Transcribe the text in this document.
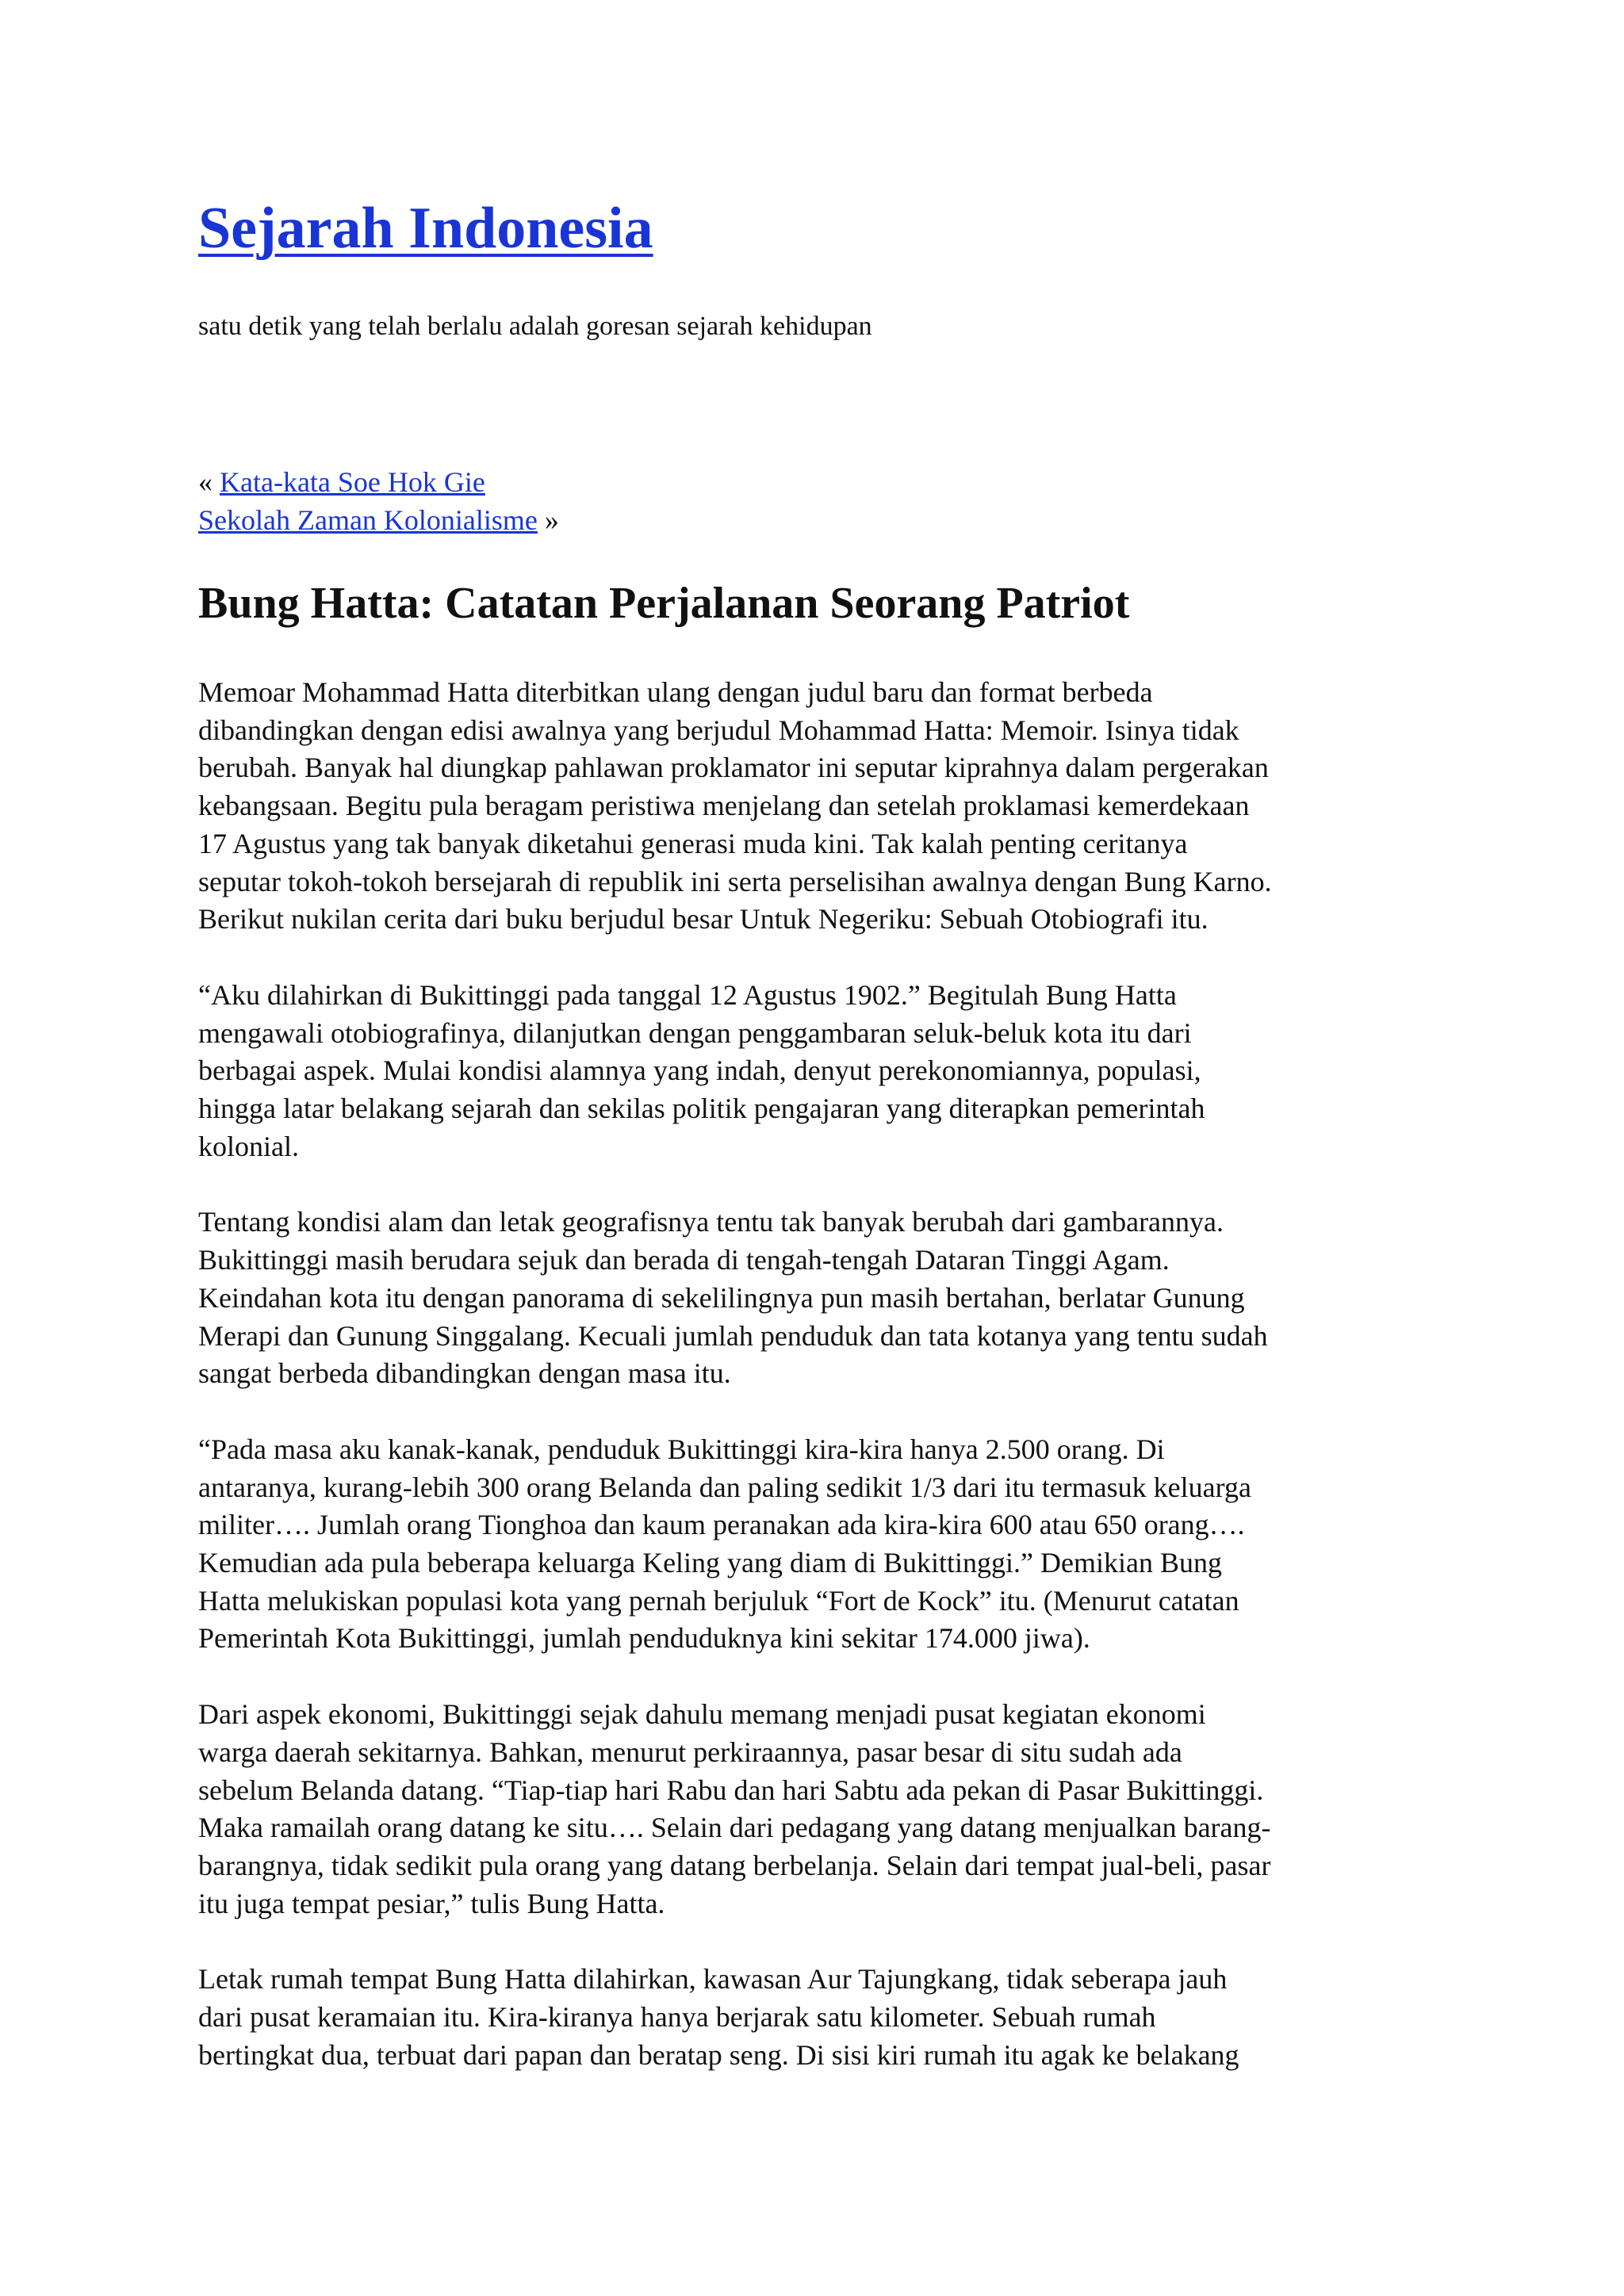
Sejarah Indonesia

satu detik yang telah berlalu adalah goresan sejarah kehidupan

« Kata-kata Soe Hok Gie
Sekolah Zaman Kolonialisme »
Bung Hatta: Catatan Perjalanan Seorang Patriot

Memoar Mohammad Hatta diterbitkan ulang dengan judul baru dan format berbeda
dibandingkan dengan edisi awalnya yang berjudul Mohammad Hatta: Memoir. Isinya tidak
berubah. Banyak hal diungkap pahlawan proklamator ini seputar kiprahnya dalam pergerakan
kebangsaan. Begitu pula beragam peristiwa menjelang dan setelah proklamasi kemerdekaan
17 Agustus yang tak banyak diketahui generasi muda kini. Tak kalah penting ceritanya
seputar tokoh-tokoh bersejarah di republik ini serta perselisihan awalnya dengan Bung Karno.
Berikut nukilan cerita dari buku berjudul besar Untuk Negeriku: Sebuah Otobiografi itu.

“Aku dilahirkan di Bukittinggi pada tanggal 12 Agustus 1902.” Begitulah Bung Hatta
mengawali otobiografinya, dilanjutkan dengan penggambaran seluk-beluk kota itu dari
berbagai aspek. Mulai kondisi alamnya yang indah, denyut perekonomiannya, populasi,
hingga latar belakang sejarah dan sekilas politik pengajaran yang diterapkan pemerintah
kolonial.

Tentang kondisi alam dan letak geografisnya tentu tak banyak berubah dari gambarannya.
Bukittinggi masih berudara sejuk dan berada di tengah-tengah Dataran Tinggi Agam.
Keindahan kota itu dengan panorama di sekelilingnya pun masih bertahan, berlatar Gunung
Merapi dan Gunung Singgalang. Kecuali jumlah penduduk dan tata kotanya yang tentu sudah
sangat berbeda dibandingkan dengan masa itu.

“Pada masa aku kanak-kanak, penduduk Bukittinggi kira-kira hanya 2.500 orang. Di
antaranya, kurang-lebih 300 orang Belanda dan paling sedikit 1/3 dari itu termasuk keluarga
militer…. Jumlah orang Tionghoa dan kaum peranakan ada kira-kira 600 atau 650 orang….
Kemudian ada pula beberapa keluarga Keling yang diam di Bukittinggi.” Demikian Bung
Hatta melukiskan populasi kota yang pernah berjuluk “Fort de Kock” itu. (Menurut catatan
Pemerintah Kota Bukittinggi, jumlah penduduknya kini sekitar 174.000 jiwa).

Dari aspek ekonomi, Bukittinggi sejak dahulu memang menjadi pusat kegiatan ekonomi
warga daerah sekitarnya. Bahkan, menurut perkiraannya, pasar besar di situ sudah ada
sebelum Belanda datang. “Tiap-tiap hari Rabu dan hari Sabtu ada pekan di Pasar Bukittinggi.
Maka ramailah orang datang ke situ…. Selain dari pedagang yang datang menjualkan barang-
barangnya, tidak sedikit pula orang yang datang berbelanja. Selain dari tempat jual-beli, pasar
itu juga tempat pesiar,” tulis Bung Hatta.

Letak rumah tempat Bung Hatta dilahirkan, kawasan Aur Tajungkang, tidak seberapa jauh
dari pusat keramaian itu. Kira-kiranya hanya berjarak satu kilometer. Sebuah rumah
bertingkat dua, terbuat dari papan dan beratap seng. Di sisi kiri rumah itu agak ke belakang
